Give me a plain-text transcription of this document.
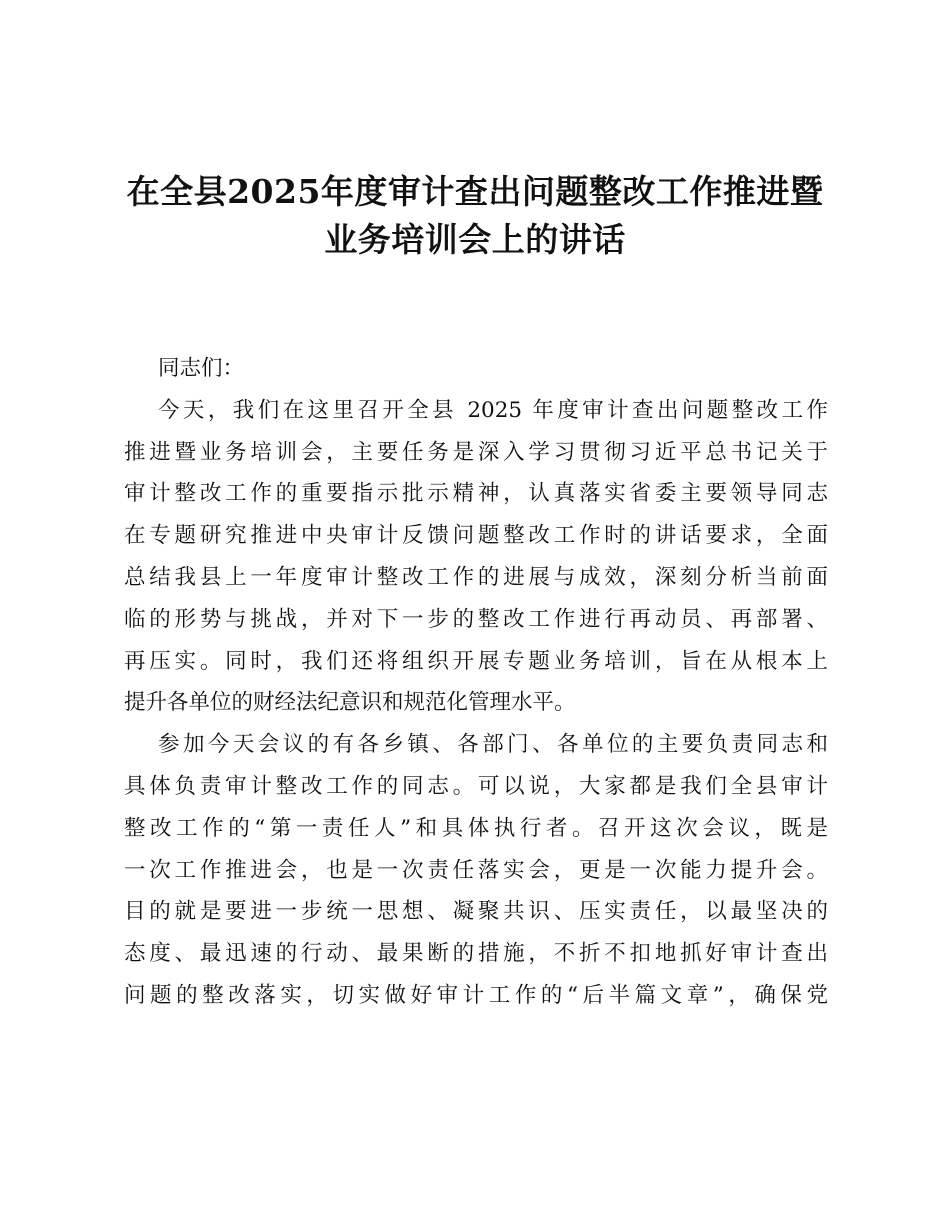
在全县2025年度审计查出问题整改工作推进暨
业务培训会上的讲话
同志们：
今天，我们在这里召开全县 2025 年度审计查出问题整改工作
推进暨业务培训会，主要任务是深入学习贯彻习近平总书记关于
审计整改工作的重要指示批示精神，认真落实省委主要领导同志
在专题研究推进中央审计反馈问题整改工作时的讲话要求，全面
总结我县上一年度审计整改工作的进展与成效，深刻分析当前面
临的形势与挑战，并对下一步的整改工作进行再动员、再部署、
再压实。同时，我们还将组织开展专题业务培训，旨在从根本上
提升各单位的财经法纪意识和规范化管理水平。
参加今天会议的有各乡镇、各部门、各单位的主要负责同志和
具体负责审计整改工作的同志。可以说，大家都是我们全县审计
整改工作的“第一责任人”和具体执行者。召开这次会议，既是
一次工作推进会，也是一次责任落实会，更是一次能力提升会。
目的就是要进一步统一思想、凝聚共识、压实责任，以最坚决的
态度、最迅速的行动、最果断的措施，不折不扣地抓好审计查出
问题的整改落实，切实做好审计工作的“后半篇文章”，确保党
